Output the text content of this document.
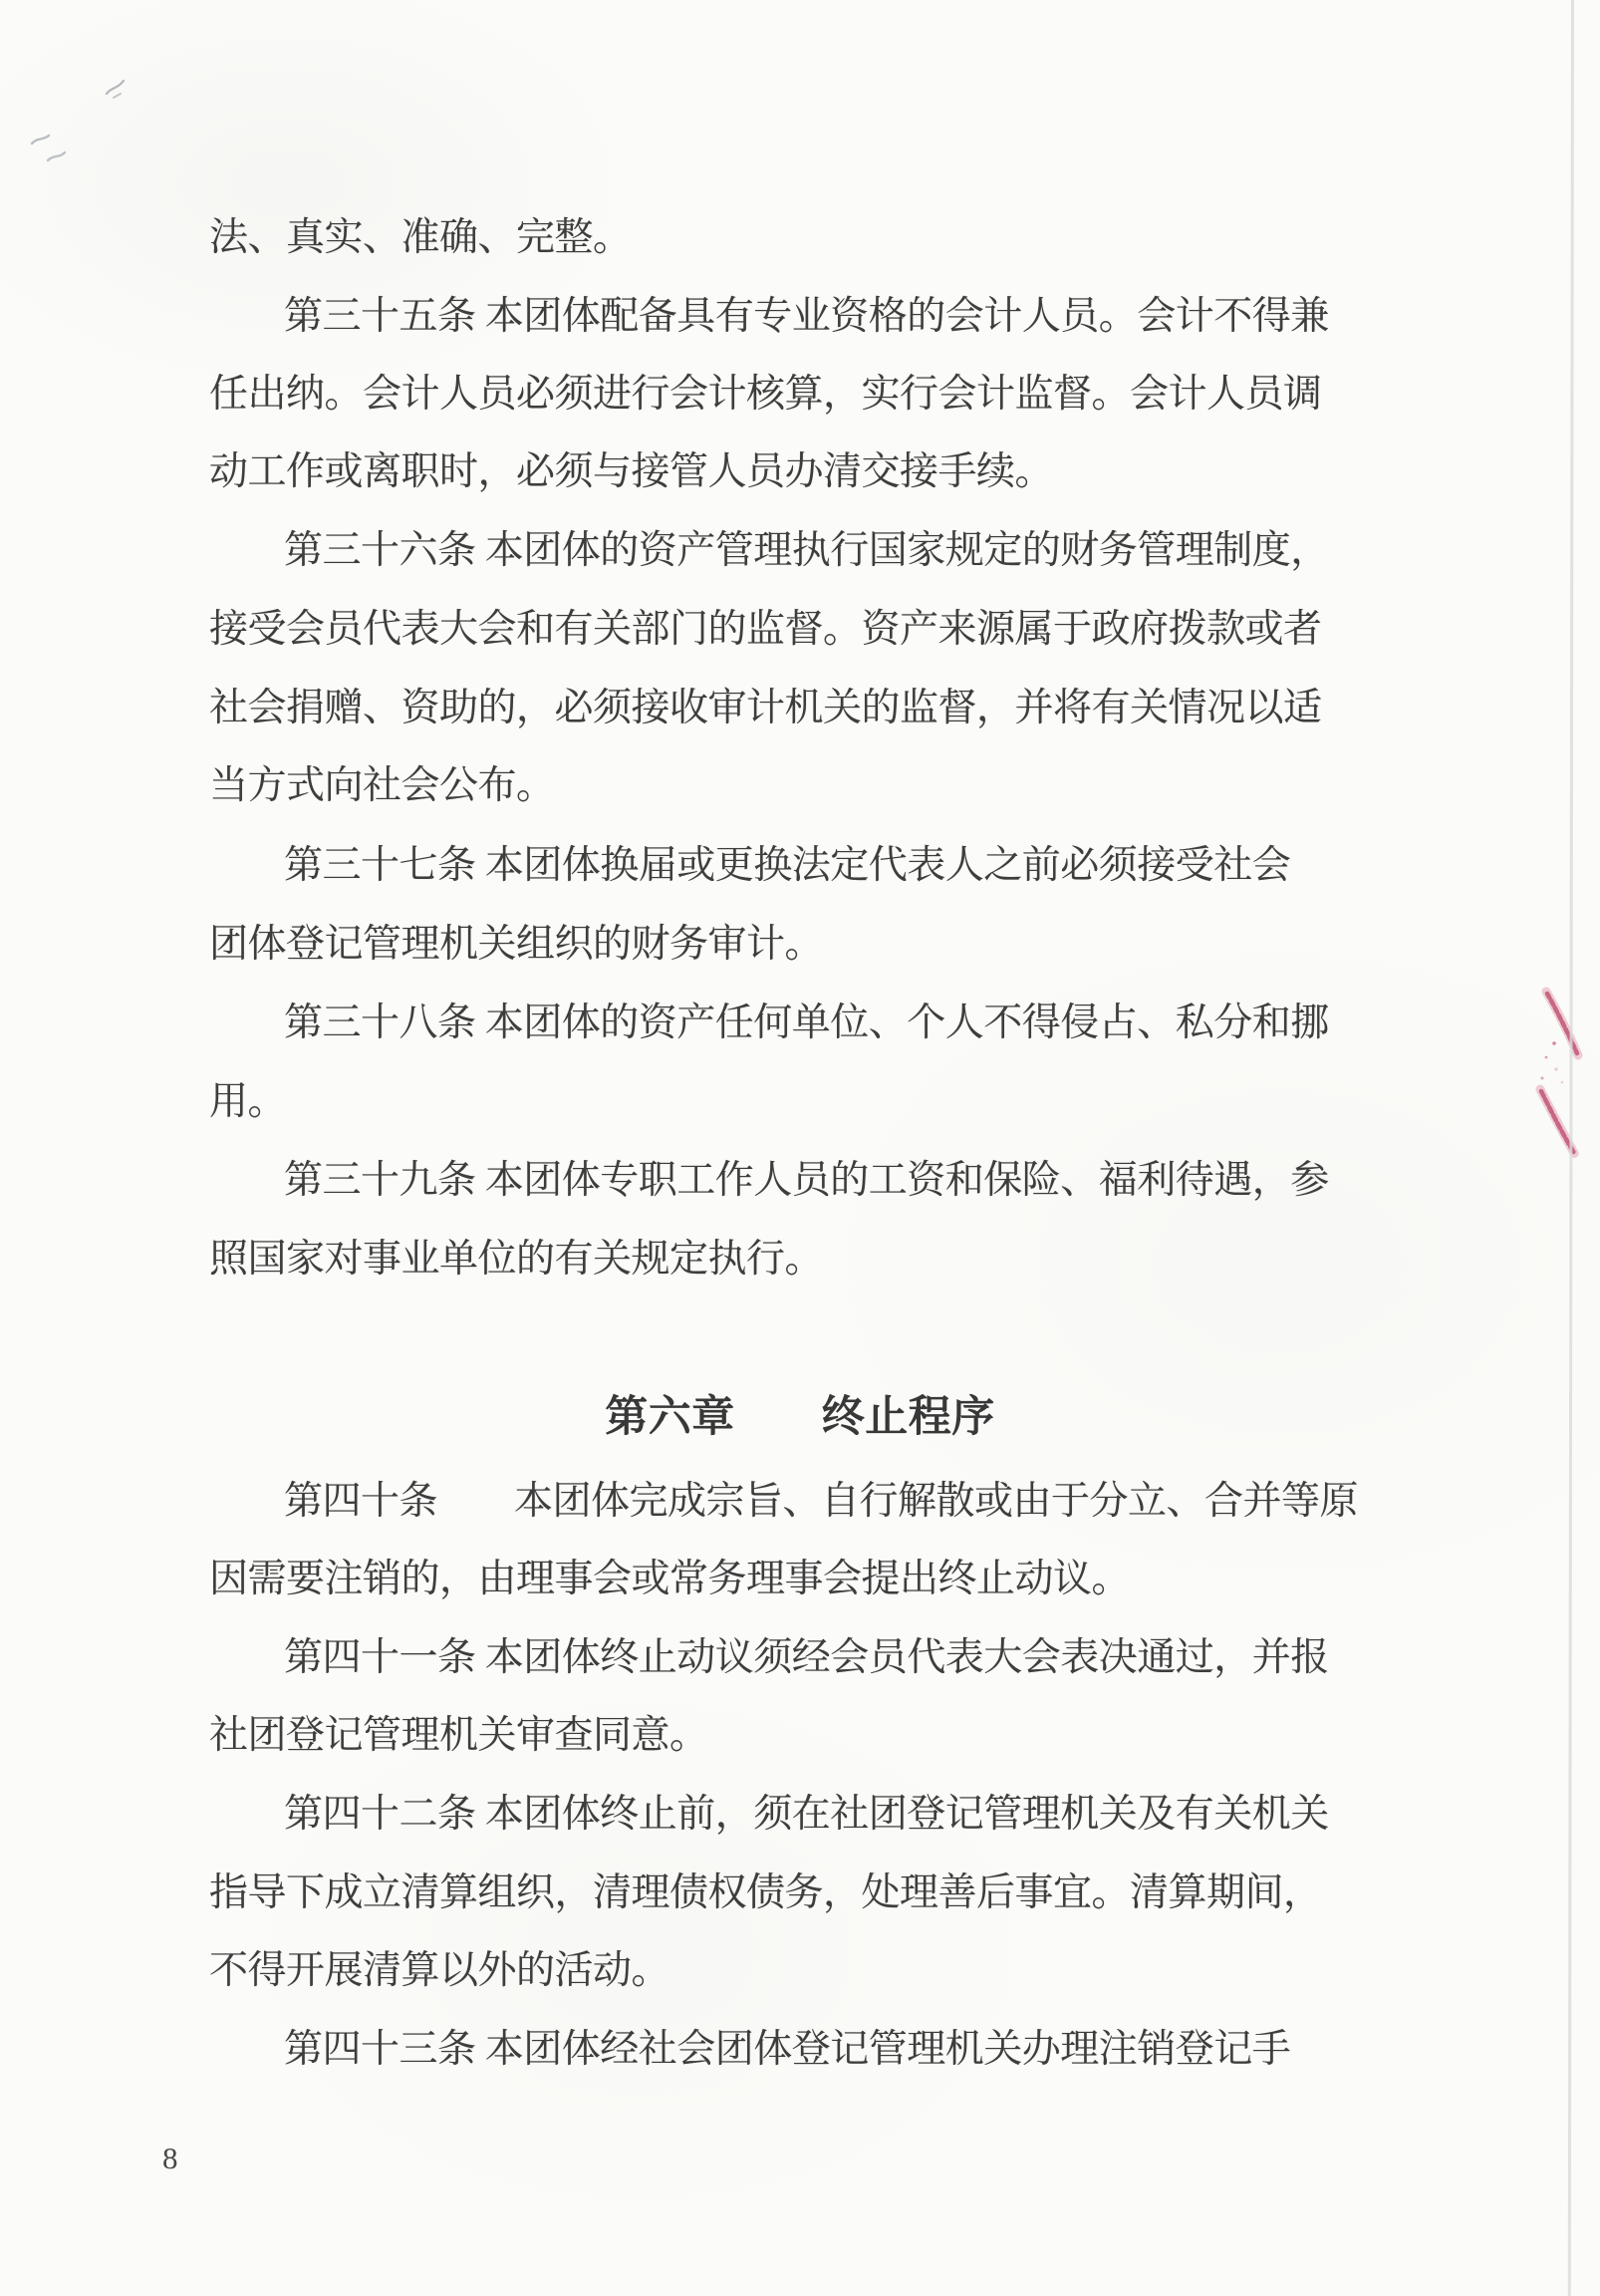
法、真实、准确、完整。
第三十五条 本团体配备具有专业资格的会计人员。会计不得兼
任出纳。会计人员必须进行会计核算，实行会计监督。会计人员调
动工作或离职时，必须与接管人员办清交接手续。
第三十六条 本团体的资产管理执行国家规定的财务管理制度，
接受会员代表大会和有关部门的监督。资产来源属于政府拨款或者
社会捐赠、资助的，必须接收审计机关的监督，并将有关情况以适
当方式向社会公布。
第三十七条 本团体换届或更换法定代表人之前必须接受社会
团体登记管理机关组织的财务审计。
第三十八条 本团体的资产任何单位、个人不得侵占、私分和挪
用。
第三十九条 本团体专职工作人员的工资和保险、福利待遇，参
照国家对事业单位的有关规定执行。
第六章　　终止程序
第四十条　　本团体完成宗旨、自行解散或由于分立、合并等原
因需要注销的，由理事会或常务理事会提出终止动议。
第四十一条 本团体终止动议须经会员代表大会表决通过，并报
社团登记管理机关审查同意。
第四十二条 本团体终止前，须在社团登记管理机关及有关机关
指导下成立清算组织，清理债权债务，处理善后事宜。清算期间，
不得开展清算以外的活动。
第四十三条 本团体经社会团体登记管理机关办理注销登记手
8
